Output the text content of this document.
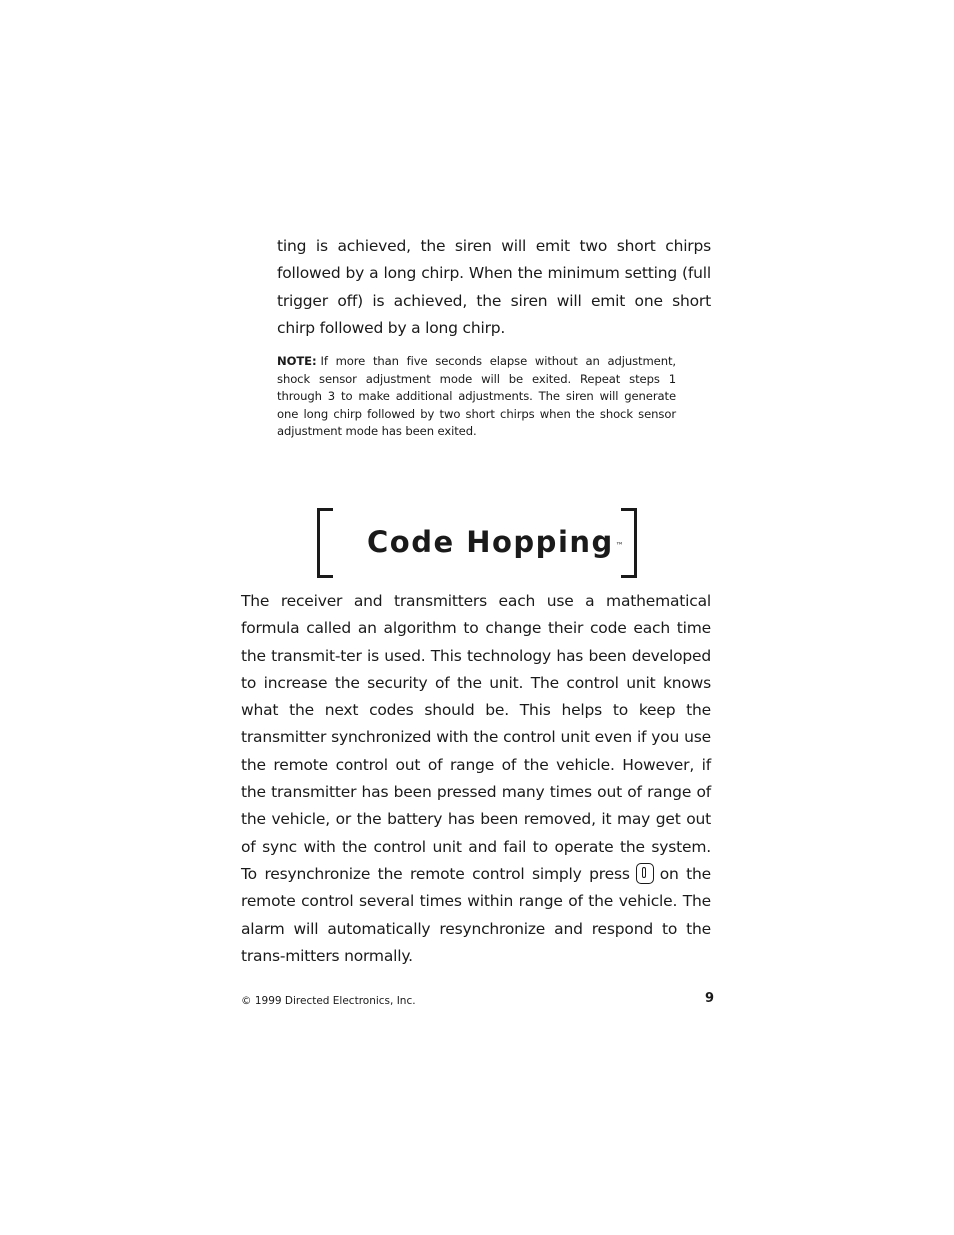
ting is achieved, the siren will emit two short chirps followed by a long chirp. When the minimum setting (full trigger off) is achieved, the siren will emit one short chirp followed by a long chirp.
NOTE: If more than five seconds elapse without an adjustment, shock sensor adjustment mode will be exited. Repeat steps 1 through 3 to make additional adjustments. The siren will generate one long chirp followed by two short chirps when the shock sensor adjustment mode has been exited.
Code Hopping ™
The receiver and transmitters each use a mathematical formula called an algorithm to change their code each time the transmit-ter is used. This technology has been developed to increase the security of the unit. The control unit knows what the next codes should be. This helps to keep the transmitter synchronized with the control unit even if you use the remote control out of range of the vehicle. However, if the transmitter has been pressed many times out of range of the vehicle, or the battery has been removed, it may get out of sync with the control unit and fail to operate the system. To resynchronize the remote control simply press on the remote control several times within range of the vehicle. The alarm will automatically resynchronize and respond to the trans-mitters normally.
© 1999 Directed Electronics, Inc.	9
